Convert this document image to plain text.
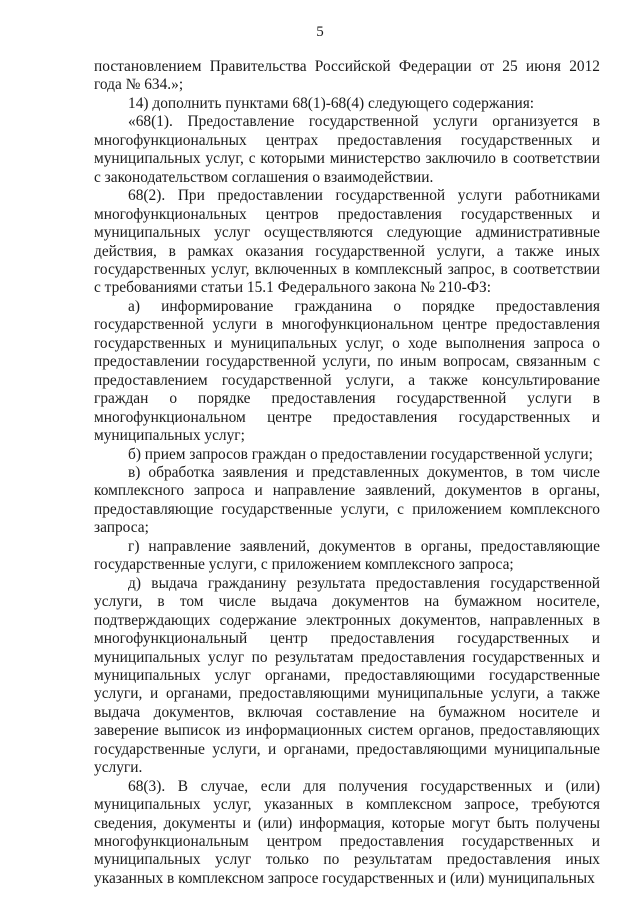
5

постановлением Правительства Российской Федерации от 25 июня 2012 года № 634.»;

14) дополнить пунктами 68(1)-68(4) следующего содержания:

«68(1). Предоставление государственной услуги организуется в многофункциональных центрах предоставления государственных и муниципальных услуг, с которыми министерство заключило в соответствии с законодательством соглашения о взаимодействии.

68(2). При предоставлении государственной услуги работниками многофункциональных центров предоставления государственных и муниципальных услуг осуществляются следующие административные действия, в рамках оказания государственной услуги, а также иных государственных услуг, включенных в комплексный запрос, в соответствии с требованиями статьи 15.1 Федерального закона № 210-ФЗ:

а) информирование гражданина о порядке предоставления государственной услуги в многофункциональном центре предоставления государственных и муниципальных услуг, о ходе выполнения запроса о предоставлении государственной услуги, по иным вопросам, связанным с предоставлением государственной услуги, а также консультирование граждан о порядке предоставления государственной услуги в многофункциональном центре предоставления государственных и муниципальных услуг;

б) прием запросов граждан о предоставлении государственной услуги;

в) обработка заявления и представленных документов, в том числе комплексного запроса и направление заявлений, документов в органы, предоставляющие государственные услуги, с приложением комплексного запроса;

г) направление заявлений, документов в органы, предоставляющие государственные услуги, с приложением комплексного запроса;

д) выдача гражданину результата предоставления государственной услуги, в том числе выдача документов на бумажном носителе, подтверждающих содержание электронных документов, направленных в многофункциональный центр предоставления государственных и муниципальных услуг по результатам предоставления государственных и муниципальных услуг органами, предоставляющими государственные услуги, и органами, предоставляющими муниципальные услуги, а также выдача документов, включая составление на бумажном носителе и заверение выписок из информационных систем органов, предоставляющих государственные услуги, и органами, предоставляющими муниципальные услуги.

68(3). В случае, если для получения государственных и (или) муниципальных услуг, указанных в комплексном запросе, требуются сведения, документы и (или) информация, которые могут быть получены многофункциональным центром предоставления государственных и муниципальных услуг только по результатам предоставления иных указанных в комплексном запросе государственных и (или) муниципальных
